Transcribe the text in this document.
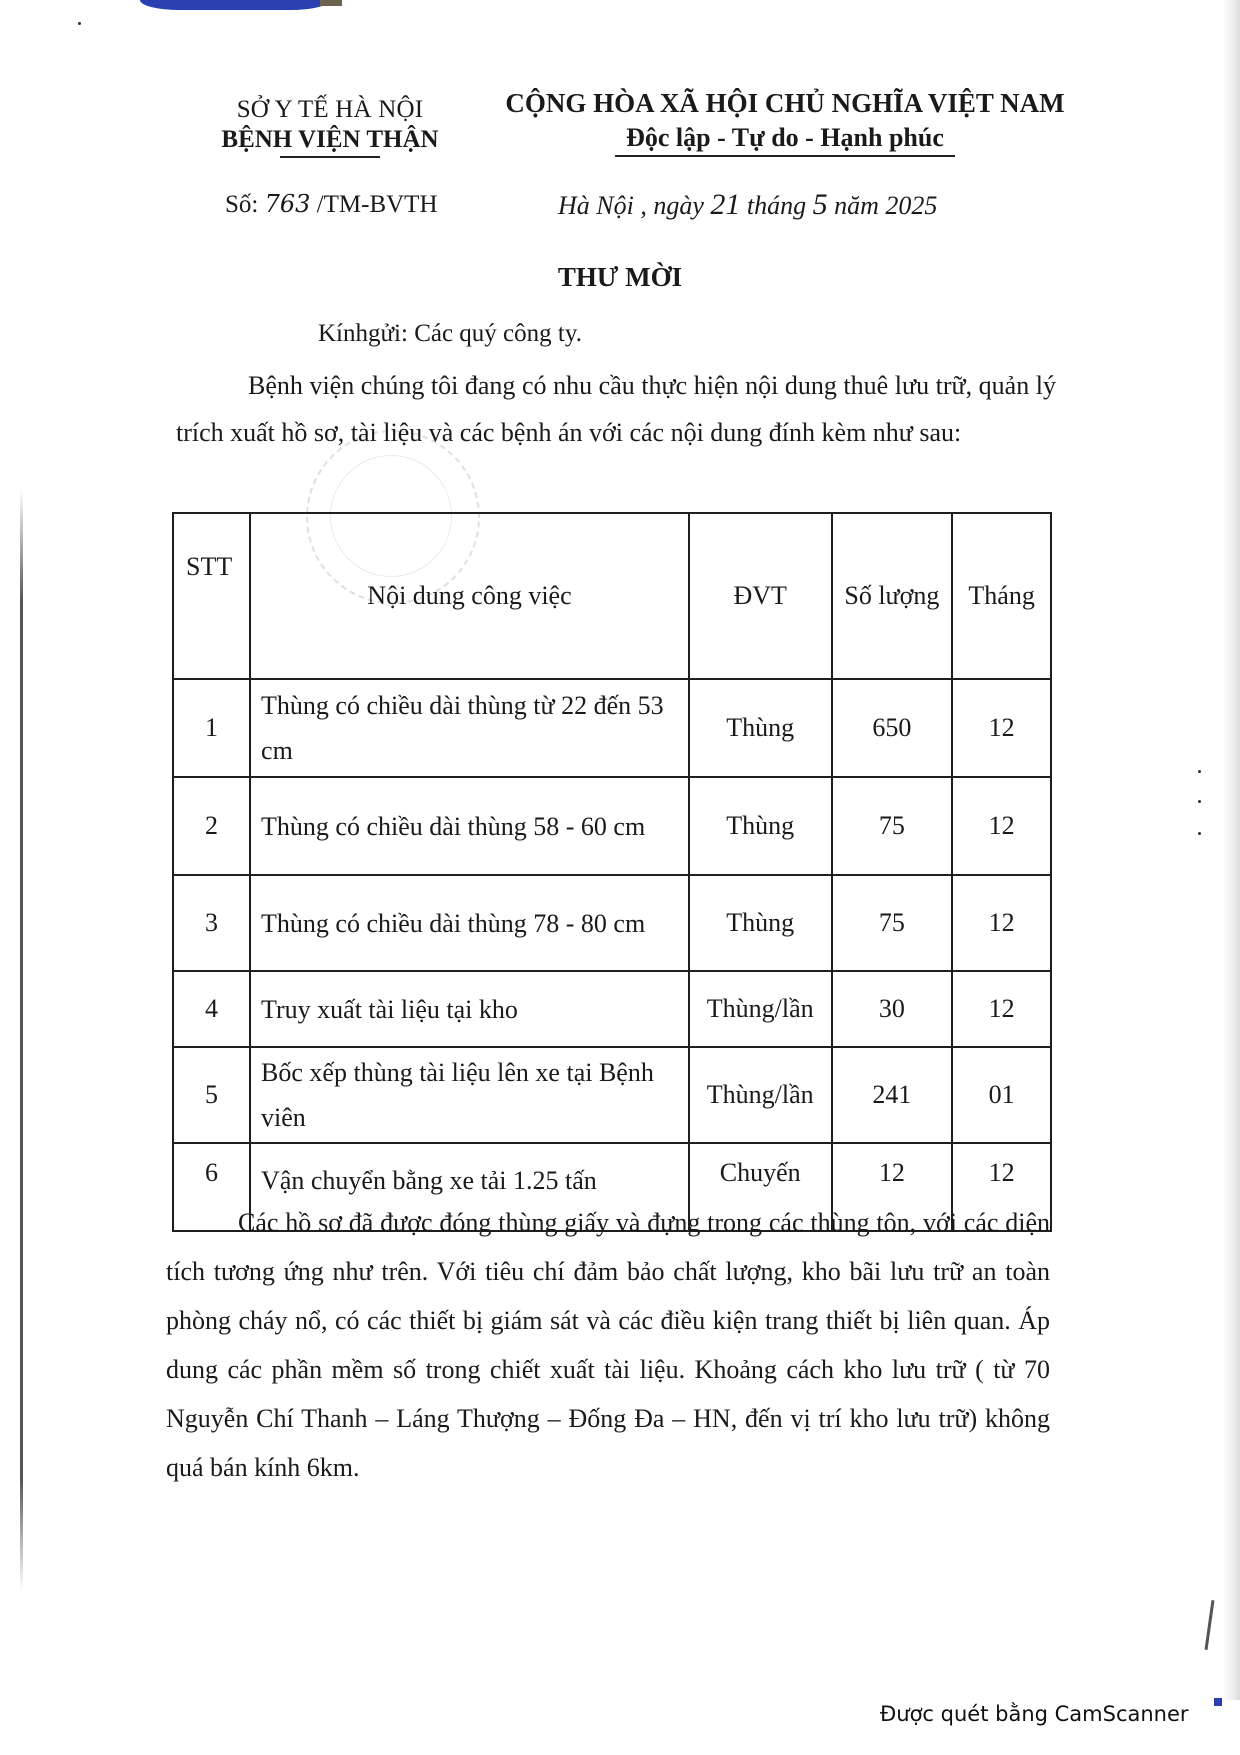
SỞ Y TẾ HÀ NỘI
BỆNH VIỆN THẬN
CỘNG HÒA XÃ HỘI CHỦ NGHĨA VIỆT NAM
Độc lập - Tự do - Hạnh phúc
Số: 763 /TM-BVTH	Hà Nội , ngày 21 tháng 5 năm 2025
THƯ MỜI
Kínhgửi: Các quý công ty.
Bệnh viện chúng tôi đang có nhu cầu thực hiện nội dung thuê lưu trữ, quản lý trích xuất hồ sơ, tài liệu và các bệnh án với các nội dung đính kèm như sau:
STT	Nội dung công việc	ĐVT	Số lượng	Tháng
1	Thùng có chiều dài thùng từ 22 đến 53 cm	Thùng	650	12
2	Thùng có chiều dài thùng 58 - 60 cm	Thùng	75	12
3	Thùng có chiều dài thùng 78 - 80 cm	Thùng	75	12
4	Truy xuất tài liệu tại kho	Thùng/lần	30	12
5	Bốc xếp thùng tài liệu lên xe tại Bệnh viên	Thùng/lần	241	01
6	Vận chuyển bằng xe tải 1.25 tấn	Chuyến	12	12
Các hồ sơ đã được đóng thùng giấy và đựng trong các thùng tôn, với các diện tích tương ứng như trên. Với tiêu chí đảm bảo chất lượng, kho bãi lưu trữ an toàn phòng cháy nổ, có các thiết bị giám sát và các điều kiện trang thiết bị liên quan. Áp dung các phần mềm số trong chiết xuất tài liệu. Khoảng cách kho lưu trữ ( từ 70 Nguyễn Chí Thanh – Láng Thượng – Đống Đa – HN, đến vị trí kho lưu trữ) không quá bán kính 6km.
Được quét bằng CamScanner
